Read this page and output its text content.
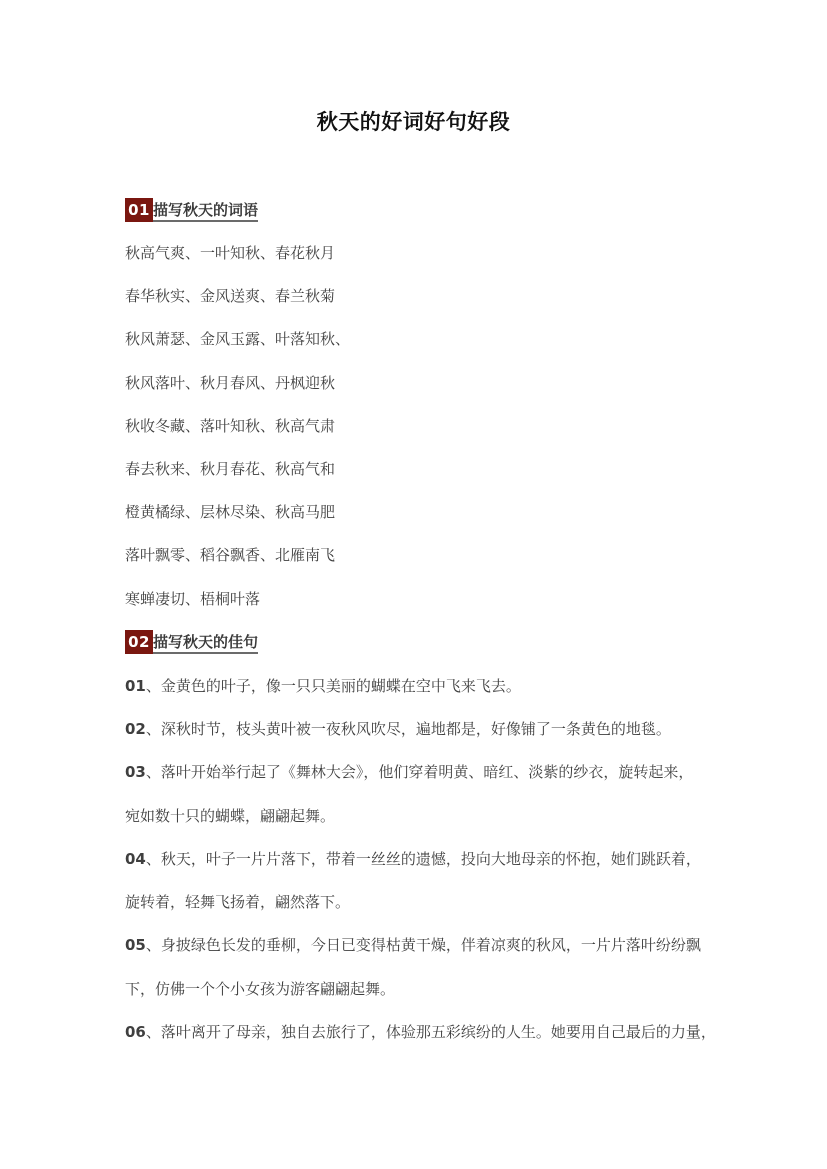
秋天的好词好句好段
01 描写秋天的词语
秋高气爽、一叶知秋、春花秋月
春华秋实、金风送爽、春兰秋菊
秋风萧瑟、金风玉露、叶落知秋、
秋风落叶、秋月春风、丹枫迎秋
秋收冬藏、落叶知秋、秋高气肃
春去秋来、秋月春花、秋高气和
橙黄橘绿、层林尽染、秋高马肥
落叶飘零、稻谷飘香、北雁南飞
寒蝉凄切、梧桐叶落
02 描写秋天的佳句
01、金黄色的叶子，像一只只美丽的蝴蝶在空中飞来飞去。
02、深秋时节，枝头黄叶被一夜秋风吹尽，遍地都是，好像铺了一条黄色的地毯。
03、落叶开始举行起了《舞林大会》，他们穿着明黄、暗红、淡紫的纱衣，旋转起来，
宛如数十只的蝴蝶，翩翩起舞。
04、秋天，叶子一片片落下，带着一丝丝的遗憾，投向大地母亲的怀抱，她们跳跃着，
旋转着，轻舞飞扬着，翩然落下。
05、身披绿色长发的垂柳，今日已变得枯黄干燥，伴着凉爽的秋风，一片片落叶纷纷飘
下，仿佛一个个小女孩为游客翩翩起舞。
06、落叶离开了母亲，独自去旅行了，体验那五彩缤纷的人生。她要用自己最后的力量，
